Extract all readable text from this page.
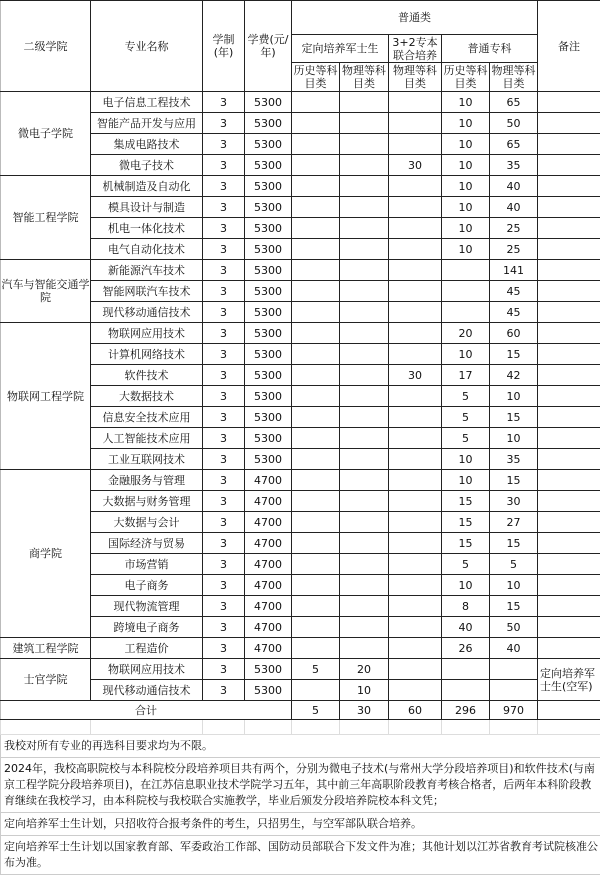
二级学院	专业名称	学制(年)	学费(元/年)	普通类					备注
				定向培养军士生		3+2专本联合培养	普通专科		
				历史等科目类	物理等科目类	物理等科目类	历史等科目类	物理等科目类	
微电子学院	电子信息工程技术	3	5300				10	65	
	智能产品开发与应用	3	5300				10	50	
	集成电路技术	3	5300				10	65	
	微电子技术	3	5300			30	10	35	
智能工程学院	机械制造及自动化	3	5300				10	40	
	模具设计与制造	3	5300				10	40	
	机电一体化技术	3	5300				10	25	
	电气自动化技术	3	5300				10	25	
汽车与智能交通学院	新能源汽车技术	3	5300					141	
	智能网联汽车技术	3	5300					45	
	现代移动通信技术	3	5300					45	
物联网工程学院	物联网应用技术	3	5300				20	60	
	计算机网络技术	3	5300				10	15	
	软件技术	3	5300			30	17	42	
	大数据技术	3	5300				5	10	
	信息安全技术应用	3	5300				5	15	
	人工智能技术应用	3	5300				5	10	
	工业互联网技术	3	5300				10	35	
商学院	金融服务与管理	3	4700				10	15	
	大数据与财务管理	3	4700				15	30	
	大数据与会计	3	4700				15	27	
	国际经济与贸易	3	4700				15	15	
	市场营销	3	4700				5	5	
	电子商务	3	4700				10	10	
	现代物流管理	3	4700				8	15	
	跨境电子商务	3	4700				40	50	
建筑工程学院	工程造价	3	4700				26	40	
士官学院	物联网应用技术	3	5300	5	20				定向培养军士生(空军)
	现代移动通信技术	3	5300		10				
合计				5	30	60	296	970	

我校对所有专业的再选科目要求均为不限。
2024年，我校高职院校与本科院校分段培养项目共有两个，分别为微电子技术(与常州大学分段培养项目)和软件技术(与南京工程学院分段培养项目)，在江苏信息职业技术学院学习五年，其中前三年高职阶段教育考核合格者，后两年本科阶段教育继续在我校学习，由本科院校与我校联合实施教学，毕业后颁发分段培养院校本科文凭；
定向培养军士生计划，只招收符合报考条件的考生，只招男生，与空军部队联合培养。
定向培养军士生计划以国家教育部、军委政治工作部、国防动员部联合下发文件为准；其他计划以江苏省教育考试院核准公布为准。
